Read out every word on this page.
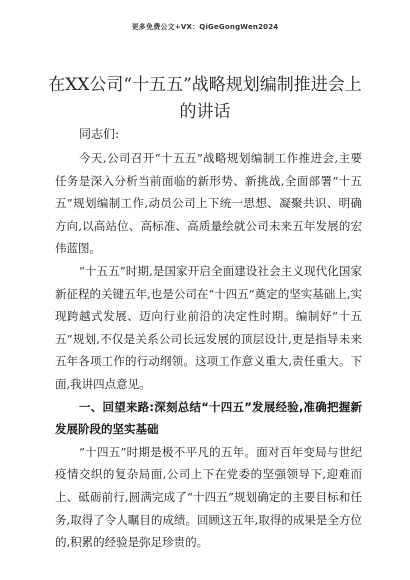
更多免费公文+VX：QiGeGongWen2024
在XX公司“十五五”战略规划编制推进会上的讲话
同志们:

今天,公司召开“十五五”战略规划编制工作推进会,主要任务是深入分析当前面临的新形势、新挑战,全面部署“十五五”规划编制工作,动员公司上下统一思想、凝聚共识、明确方向,以高站位、高标准、高质量绘就公司未来五年发展的宏伟蓝图。

“十五五”时期,是国家开启全面建设社会主义现代化国家新征程的关键五年,也是公司在“十四五”奠定的坚实基础上,实现跨越式发展、迈向行业前沿的决定性时期。编制好“十五五”规划,不仅是关系公司长远发展的顶层设计,更是指导未来五年各项工作的行动纲领。这项工作意义重大,责任重大。下面,我讲四点意见。

一、回望来路:深刻总结“十四五”发展经验,准确把握新发展阶段的坚实基础

“十四五”时期是极不平凡的五年。面对百年变局与世纪疫情交织的复杂局面,公司上下在党委的坚强领导下,迎难而上、砥砺前行,圆满完成了“十四五”规划确定的主要目标和任务,取得了令人瞩目的成绩。回顾这五年,取得的成果是全方位的,积累的经验是弥足珍贵的。
